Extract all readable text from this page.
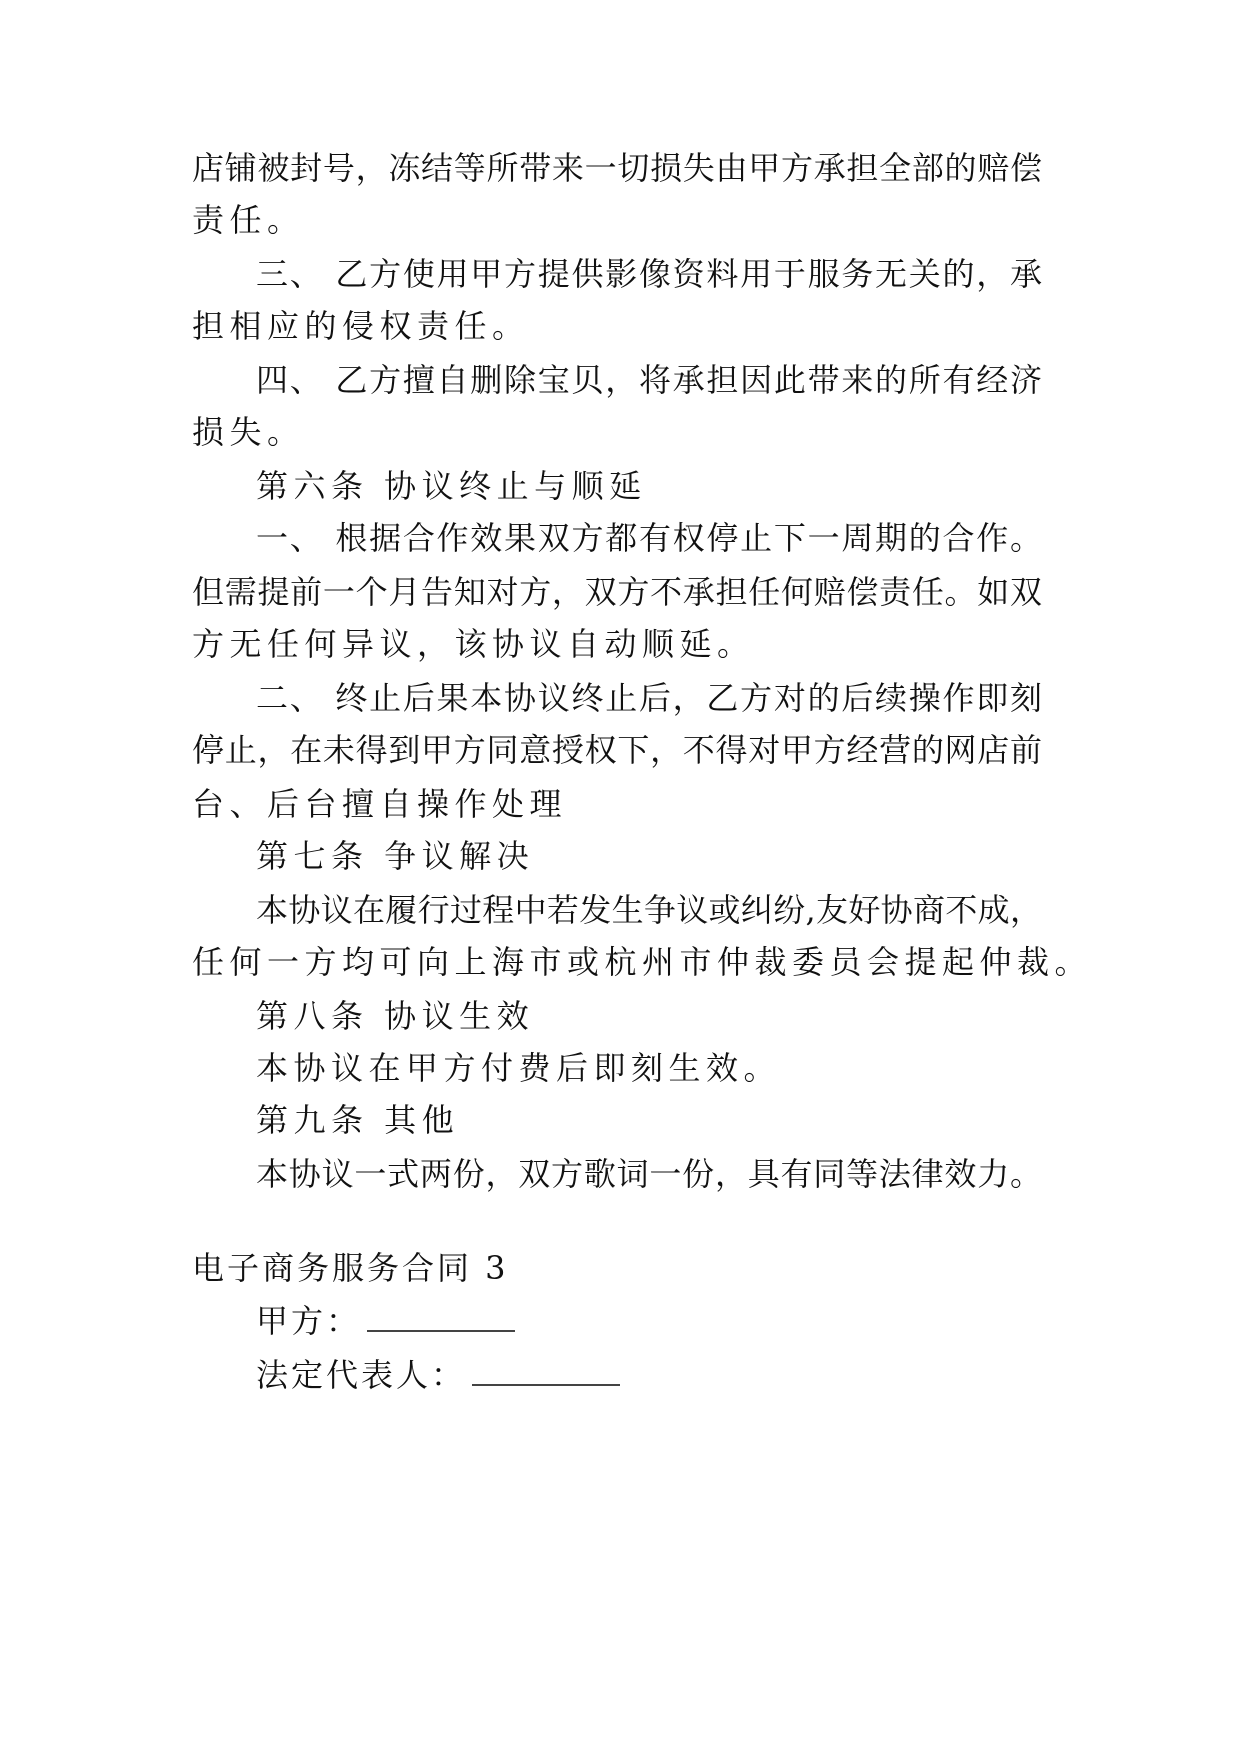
店铺被封号，冻结等所带来一切损失由甲方承担全部的赔偿
责任。
三、 乙方使用甲方提供影像资料用于服务无关的，承
担相应的侵权责任。
四、 乙方擅自删除宝贝，将承担因此带来的所有经济
损失。
第六条 协议终止与顺延
一、 根据合作效果双方都有权停止下一周期的合作。
但需提前一个月告知对方，双方不承担任何赔偿责任。如双
方无任何异议，该协议自动顺延。
二、 终止后果本协议终止后，乙方对的后续操作即刻
停止，在未得到甲方同意授权下，不得对甲方经营的网店前
台、后台擅自操作处理
第七条 争议解决
本协议在履行过程中若发生争议或纠纷,友好协商不成，
任何一方均可向上海市或杭州市仲裁委员会提起仲裁。
第八条 协议生效
本协议在甲方付费后即刻生效。
第九条 其他
本协议一式两份，双方歌词一份，具有同等法律效力。
电子商务服务合同 3
甲方：
法定代表人：
